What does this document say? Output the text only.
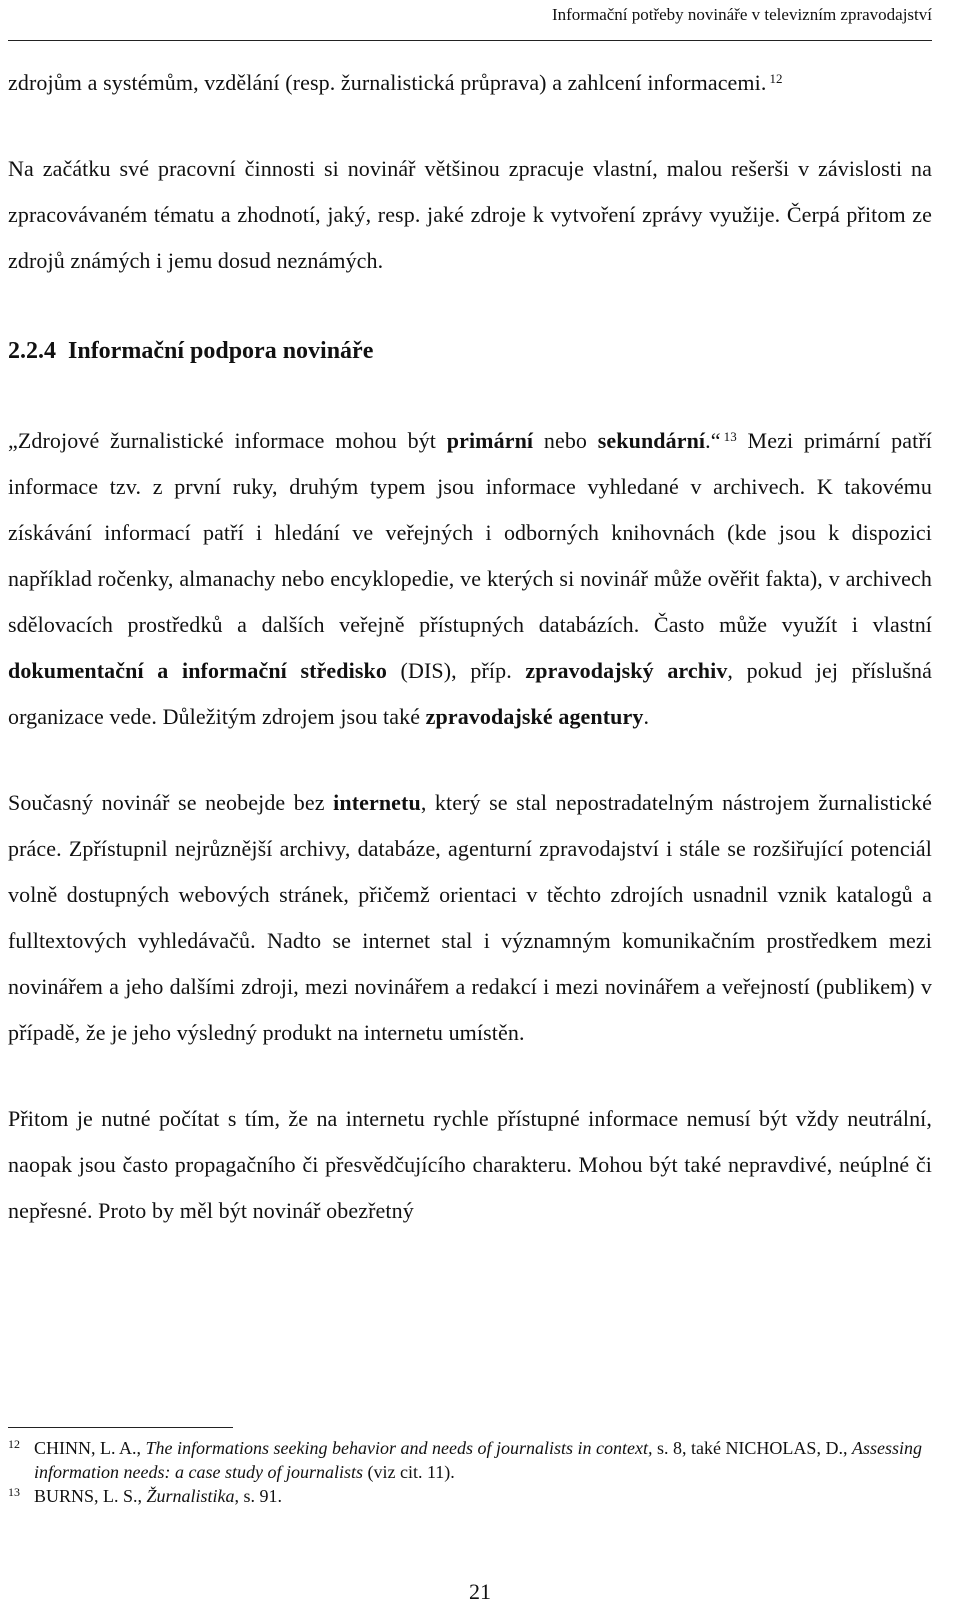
Informační potřeby novináře v televizním zpravodajství

zdrojům a systémům, vzdělání (resp. žurnalistická průprava) a zahlcení informacemi. $^{12}$

Na začátku své pracovní činnosti si novinář většinou zpracuje vlastní, malou rešerši v závislosti na zpracovávaném tématu a zhodnotí, jaký, resp. jaké zdroje k vytvoření zprávy využije. Čerpá přitom ze zdrojů známých i jemu dosud neznámých.

2.2.4 Informační podpora novináře

„Zdrojové žurnalistické informace mohou být primární nebo sekundární.“ $^{13}$ Mezi primární patří informace tzv. z první ruky, druhým typem jsou informace vyhledané v archivech. K takovému získávání informací patří i hledání ve veřejných i odborných knihovnách (kde jsou k dispozici například ročenky, almanachy nebo encyklopedie, ve kterých si novinář může ověřit fakta), v archivech sdělovacích prostředků a dalších veřejně přístupných databázích. Často může využít i vlastní dokumentační a informační středisko (DIS), příp. zpravodajský archiv, pokud jej příslušná organizace vede. Důležitým zdrojem jsou také zpravodajské agentury.

Současný novinář se neobejde bez internetu, který se stal nepostradatelným nástrojem žurnalistické práce. Zpřístupnil nejrůznější archivy, databáze, agenturní zpravodajství i stále se rozšiřující potenciál volně dostupných webových stránek, přičemž orientaci v těchto zdrojích usnadnil vznik katalogů a fulltextových vyhledávačů. Nadto se internet stal i významným komunikačním prostředkem mezi novinářem a jeho dalšími zdroji, mezi novinářem a redakcí i mezi novinářem a veřejností (publikem) v případě, že je jeho výsledný produkt na internetu umístěn.

Přitom je nutné počítat s tím, že na internetu rychle přístupné informace nemusí být vždy neutrální, naopak jsou často propagačního či přesvědčujícího charakteru. Mohou být také nepravdivé, neúplné či nepřesné. Proto by měl být novinář obezřetný

12 CHINN, L. A., The informations seeking behavior and needs of journalists in context, s. 8, také NICHOLAS, D., Assessing information needs: a case study of journalists (viz cit. 11).

13 BURNS, L. S., Žurnalistika, s. 91.

21
